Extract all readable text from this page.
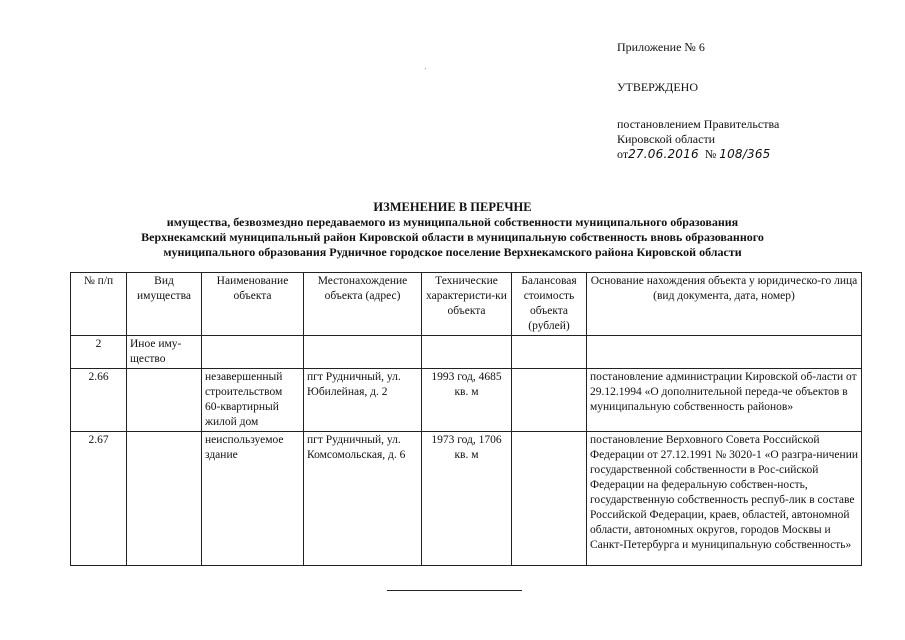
Приложение № 6
УТВЕРЖДЕНО
постановлением Правительства
Кировской области
от27.06.2016 № 108/365
ИЗМЕНЕНИЕ В ПЕРЕЧНЕ
имущества, безвозмездно передаваемого из муниципальной собственности муниципального образования
Верхнекамский муниципальный район Кировской области в муниципальную собственность вновь образованного
муниципального образования Рудничное городское поселение Верхнекамского района Кировской области
№ п/п	Вид имущества	Наименование объекта	Местонахождение объекта (адрес)	Технические характеристи-ки объекта	Балансовая стоимость объекта (рублей)	Основание нахождения объекта у юридическо-го лица (вид документа, дата, номер)
2	Иное иму-щество					
2.66		незавершенный строительством 60-квартирный жилой дом	пгт Рудничный, ул. Юбилейная, д. 2	1993 год, 4685 кв. м		постановление администрации Кировской об-ласти от 29.12.1994 «О дополнительной переда-че объектов в муниципальную собственность районов»
2.67		неиспользуемое здание	пгт Рудничный, ул. Комсомольская, д. 6	1973 год, 1706 кв. м		постановление Верховного Совета Российской Федерации от 27.12.1991 № 3020-1 «О разгра-ничении государственной собственности в Рос-сийской Федерации на федеральную собствен-ность, государственную собственность респуб-лик в составе Российской Федерации, краев, областей, автономной области, автономных округов, городов Москвы и Санкт-Петербурга и муниципальную собственность»
